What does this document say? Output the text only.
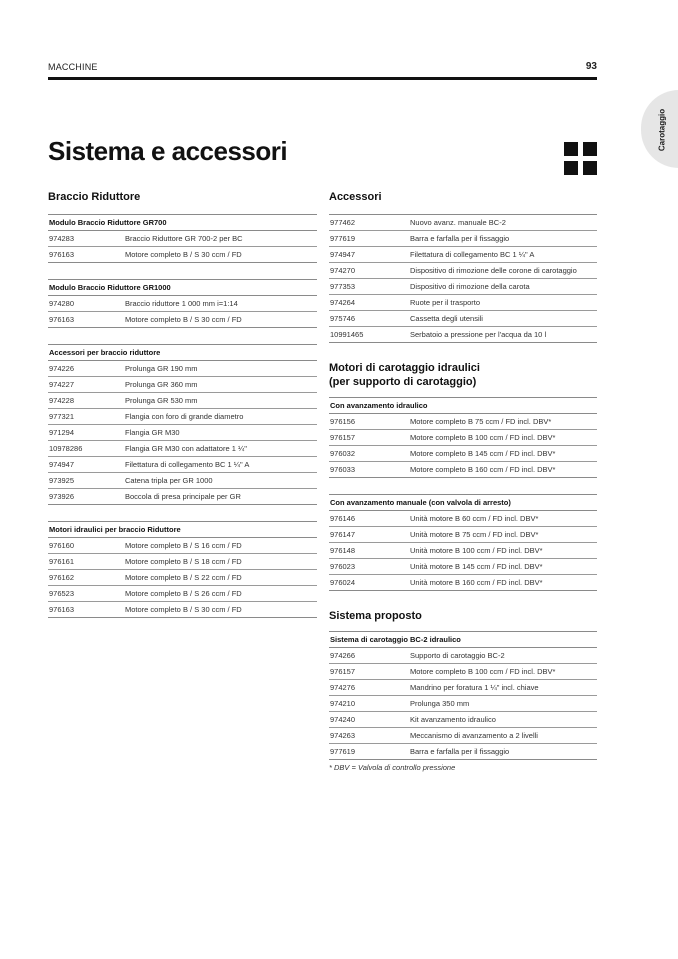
MACCHINE	93
Carotaggio
Sistema e accessori
Braccio Riduttore
Modulo Braccio Riduttore GR700
974283	Braccio Riduttore GR 700-2 per BC
976163	Motore completo B / S 30 ccm / FD
Modulo Braccio Riduttore GR1000
974280	Braccio riduttore 1 000 mm i=1:14
976163	Motore completo B / S 30 ccm / FD
Accessori per braccio riduttore
974226	Prolunga GR 190 mm
974227	Prolunga GR 360 mm
974228	Prolunga GR 530 mm
977321	Flangia con foro di grande diametro
971294	Flangia GR M30
10978286	Flangia GR M30 con adattatore 1 ¼"
974947	Filettatura di collegamento BC 1 ¼" A
973925	Catena tripla per GR 1000
973926	Boccola di presa principale per GR
Motori idraulici per braccio Riduttore
976160	Motore completo B / S 16 ccm / FD
976161	Motore completo B / S 18 ccm / FD
976162	Motore completo B / S 22 ccm / FD
976523	Motore completo B / S 26 ccm / FD
976163	Motore completo B / S 30 ccm / FD
Accessori
977462	Nuovo avanz. manuale BC-2
977619	Barra e farfalla per il fissaggio
974947	Filettatura di collegamento BC 1 ¼" A
974270	Dispositivo di rimozione delle corone di carotaggio
977353	Dispositivo di rimozione della carota
974264	Ruote per il trasporto
975746	Cassetta degli utensili
10991465	Serbatoio a pressione per l'acqua da 10 l
Motori di carotaggio idraulici
(per supporto di carotaggio)
Con avanzamento idraulico
976156	Motore completo B 75 ccm / FD incl. DBV*
976157	Motore completo B 100 ccm / FD incl. DBV*
976032	Motore completo B 145 ccm / FD incl. DBV*
976033	Motore completo B 160 ccm / FD incl. DBV*
Con avanzamento manuale (con valvola di arresto)
976146	Unità motore B 60 ccm / FD incl. DBV*
976147	Unità motore B 75 ccm / FD incl. DBV*
976148	Unità motore B 100 ccm / FD incl. DBV*
976023	Unità motore B 145 ccm / FD incl. DBV*
976024	Unità motore B 160 ccm / FD incl. DBV*
Sistema proposto
Sistema di carotaggio BC-2 idraulico
974266	Supporto di carotaggio BC-2
976157	Motore completo B 100 ccm / FD incl. DBV*
974276	Mandrino per foratura 1 ¼" incl. chiave
974210	Prolunga 350 mm
974240	Kit avanzamento idraulico
974263	Meccanismo di avanzamento a 2 livelli
977619	Barra e farfalla per il fissaggio
* DBV = Valvola di controllo pressione
